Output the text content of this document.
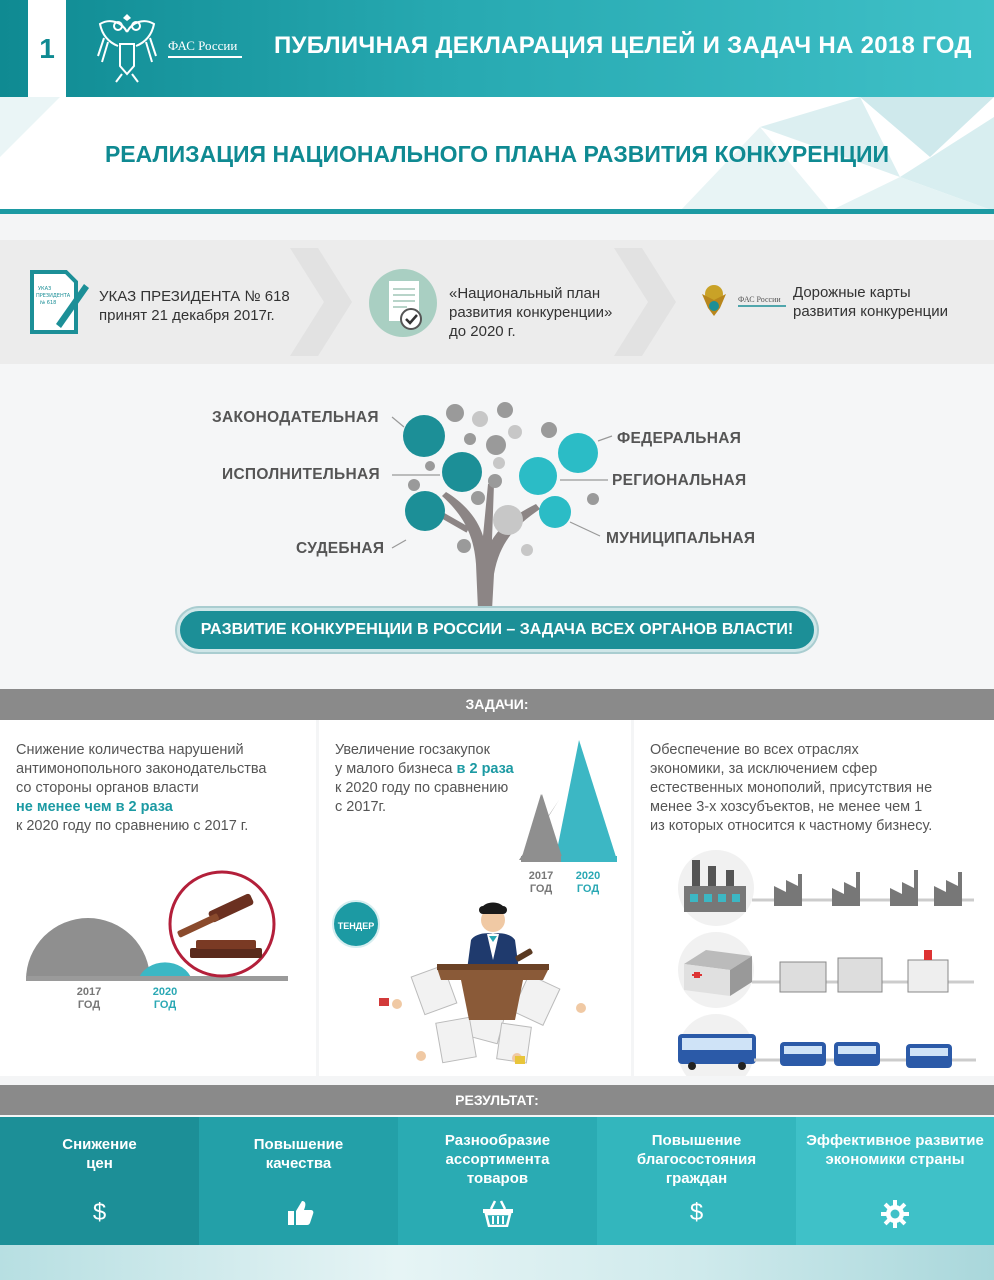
1	ФАС России ПУБЛИЧНАЯ ДЕКЛАРАЦИЯ ЦЕЛЕЙ И ЗАДАЧ НА 2018 ГОД
РЕАЛИЗАЦИЯ НАЦИОНАЛЬНОГО ПЛАНА РАЗВИТИЯ КОНКУРЕНЦИИ
УКАЗ
ПРЕЗИДЕНТА
№ 618	УКАЗ ПРЕЗИДЕНТА № 618
принят 21 декабря 2017г.
«Национальный план
развития конкуренции»
до 2020 г.
ФАС России Дорожные карты
развития конкуренции
ЗАКОНОДАТЕЛЬНАЯ
ИСПОЛНИТЕЛЬНАЯ
СУДЕБНАЯ
ФЕДЕРАЛЬНАЯ
РЕГИОНАЛЬНАЯ
МУНИЦИПАЛЬНАЯ
РАЗВИТИЕ КОНКУРЕНЦИИ В РОССИИ – ЗАДАЧА ВСЕХ ОРГАНОВ ВЛАСТИ!
ЗАДАЧИ:
Снижение количества нарушений
антимонопольного законодательства
со стороны органов власти
не менее чем в 2 раза
к 2020 году по сравнению с 2017 г.
2017
ГОД
2020
ГОД
Увеличение госзакупок
у малого бизнеса в 2 раза
к 2020 году по сравнению
с 2017г.
2017
ГОД
2020
ГОД
ТЕНДЕР
Обеспечение во всех отраслях
экономики, за исключением сфер
естественных монополий, присутствия не
менее 3-х хозсубъектов, не менее чем 1
из которых относится к частному бизнесу.
РЕЗУЛЬТАТ:
Снижение
цен
$
Повышение
качества
Разнообразие
ассортимента
товаров
Повышение
благосостояния
граждан
$
Эффективное развитие
экономики страны
